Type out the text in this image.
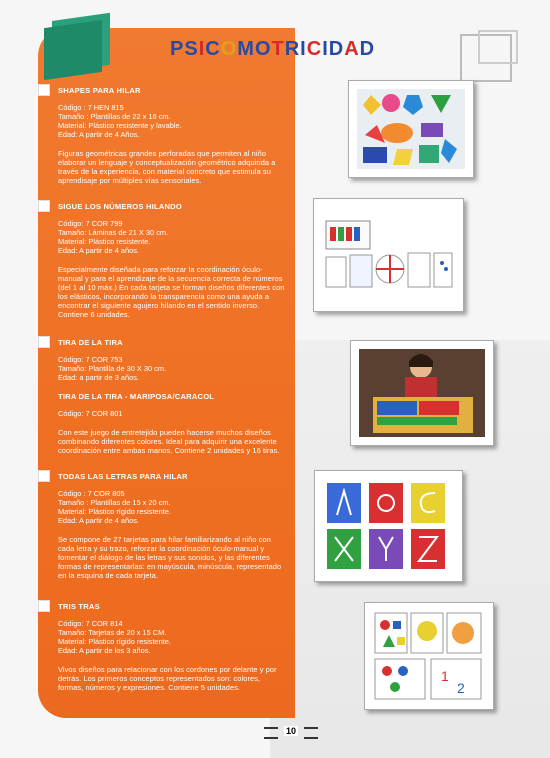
PSICOMOTRICIDAD
SHAPES PARA HILAR

Código : 7 HEN 815

Tamaño : Plantillas de 22 x 16 cm.

Material: Plástico resistente y lavable.

Edad: A partir de 4 Años.

Figuras geométricas grandes perforadas que permiten al niño elaborar un lenguaje y conceptualización geométrico adquirida a través de la experiencia, con material concreto que estimula su aprendisaje por múltiples vías sensoriales.

SIGUE LOS NÚMEROS HILANDO

Código: 7 COR 799

Tamaño: Láminas de 21 X 30 cm.

Material: Plástico resistente.

Edad: A partir de 4 años.

Especialmente diseñada para reforzar la coordinación óculo-manual y para el aprendizaje de la secuencia correcta de números (del 1 al 10 máx.) En cada tarjeta se forman diseños diferentes con los elásticos, incorporando la transparencia como una ayuda a encontrar el siguiente agujero hilando en el sentido inverso. Contiene 6 unidades.

TIRA DE LA TIRA

Código: 7 COR 753

Tamaño: Plantilla de 30 X 30 cm.

Edad: a partir de 3 años.

TIRA DE LA TIRA - MARIPOSA/CARACOL

Código: 7 COR 801

Con este juego de entretejido pueden hacerse muchos diseños combinando diferentes colores. Ideal para adquirir una excelente coordinación entre ambas manos. Contiene 2 unidades y 16 tiras.

TODAS LAS LETRAS PARA HILAR

Código : 7 COR 805

Tamaño : Plantillas de 15 x 20 cm.

Material: Plástico rígido resistente.

Edad: A partir de 4 años.

Se compone de 27 tarjetas para hilar familiarizando al niño con cada letra y su trazo, reforzar la coordinación óculo-manual y fomentar el diálogo de las letras y sus sonidos, y las diferentes formas de representarlas: en mayúscula, minúscula, representado en la esquina de cada tarjeta.

TRIS TRAS

Código: 7 COR 814

Tamaño: Tarjetas de 20 x 15 CM.

Material: Plástico rígido resistente.

Edad: A partir de los 3 años.

Vivos diseños para relacionar con los cordones por delante y por detrás. Los primeros conceptos representados son: colores, formas, números y expresiones. Contiene 5 unidades.

1
2
10
